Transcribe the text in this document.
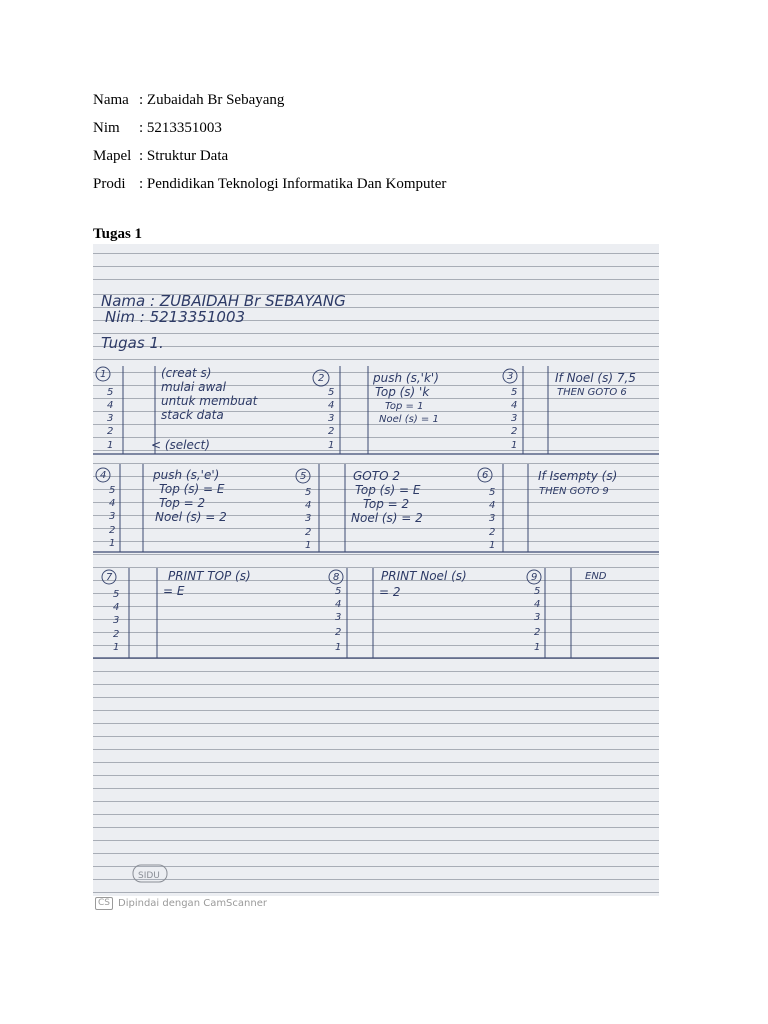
Nama : Zubaidah Br Sebayang
Nim	: 5213351003
Mapel : Struktur Data
Prodi : Pendidikan Teknologi Informatika Dan Komputer
Tugas 1
Nama : ZUBAIDAH Br SEBAYANG
Nim : 5213351003
Tugas 1.
1
5
4
3
2
1
(creat s)
mulai awal
untuk membuat
stack data
< (select)
2
5
4
3
2
1
push (s,'k')
Top (s) 'k
Top = 1
Noel (s) = 1
3
5
4
3
2
1
If Noel (s) 7,5
THEN GOTO 6
4
5
4
3
2
1
push (s,'e')
Top (s) = E
Top = 2
Noel (s) = 2
5
5
4
3
2
1
GOTO 2
Top (s) = E
Top = 2
Noel (s) = 2
6
5
4
3
2
1
If Isempty (s)
THEN GOTO 9
7
5
4
3
2
1
PRINT TOP (s)
= E
8
5
4
3
2
1
PRINT Noel (s)
= 2
9
5
4
3
2
1
END
SIDU
CS Dipindai dengan CamScanner
